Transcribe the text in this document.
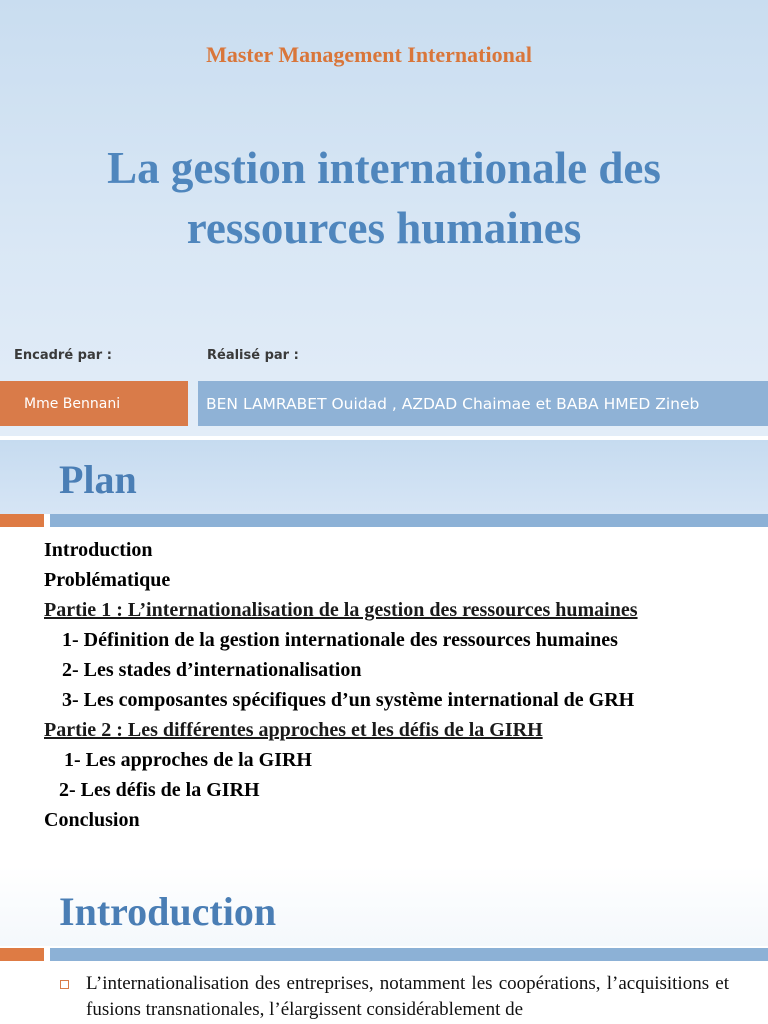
Master Management International
La gestion internationale des
ressources humaines
Encadré par :	Réalisé par :
Mme Bennani	BEN LAMRABET Ouidad , AZDAD Chaimae et BABA HMED Zineb
Plan
Introduction
Problématique
Partie 1 : L’internationalisation de la gestion des ressources humaines
1- Définition de la gestion internationale des ressources humaines
2- Les stades d’internationalisation
3- Les composantes spécifiques d’un système international de GRH
Partie 2 : Les différentes approches et les défis de la GIRH
1- Les approches de la GIRH
2- Les défis de la GIRH
Conclusion
Introduction
L’internationalisation des entreprises, notamment les coopérations, l’acquisitions et fusions transnationales, l’élargissent considérablement de
